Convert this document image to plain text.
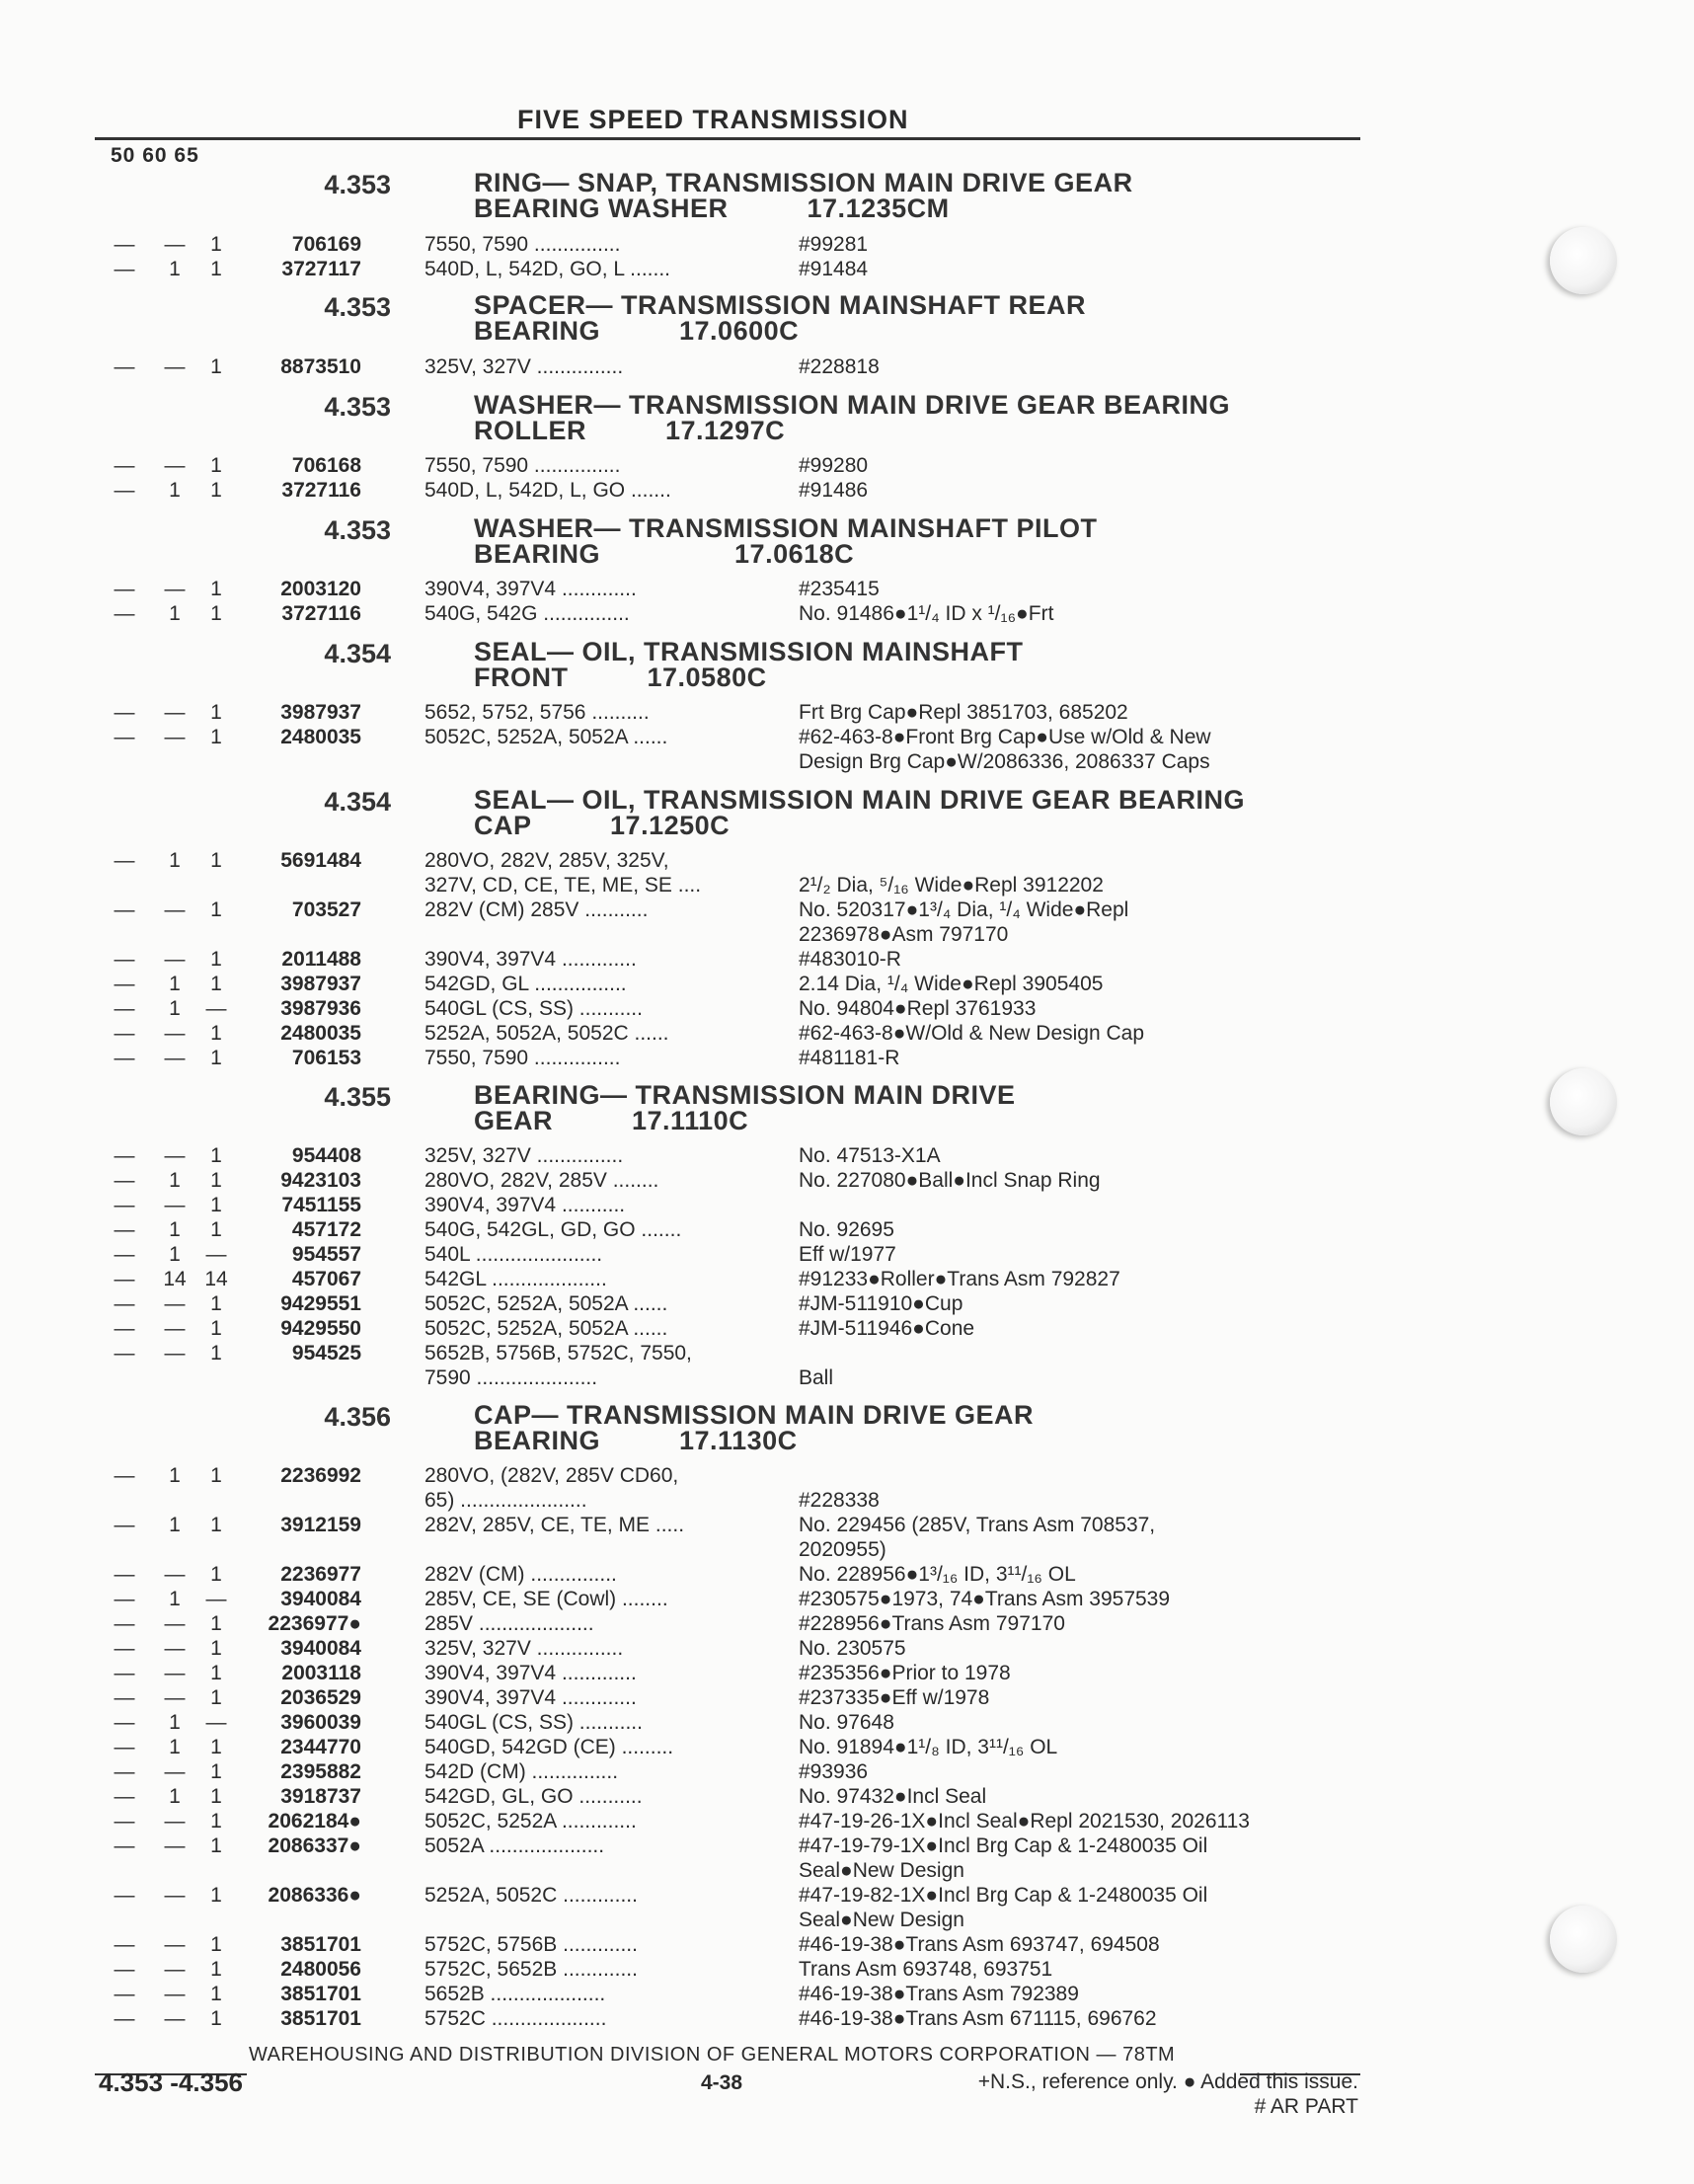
FIVE SPEED TRANSMISSION
50 60 65
4.353	RING— SNAP, TRANSMISSION MAIN DRIVE GEAR
BEARING WASHER          17.1235CM
—	—	1	706169	7550, 7590 ...............	#99281
—	1	1	3727117	540D, L, 542D, GO, L .......	#91484
4.353	SPACER— TRANSMISSION MAINSHAFT REAR
BEARING          17.0600C
—	—	1	8873510	325V, 327V ...............	#228818
4.353	WASHER— TRANSMISSION MAIN DRIVE GEAR BEARING
ROLLER          17.1297C
—	—	1	706168	7550, 7590 ...............	#99280
—	1	1	3727116	540D, L, 542D, L, GO .......	#91486
4.353	WASHER— TRANSMISSION MAINSHAFT PILOT
BEARING                 17.0618C
—	—	1	2003120	390V4, 397V4 .............	#235415
—	1	1	3727116	540G, 542G ...............	No. 91486●1¹/₄ ID x ¹/₁₆●Frt
4.354	SEAL— OIL, TRANSMISSION MAINSHAFT
FRONT          17.0580C
—	—	1	3987937	5652, 5752, 5756 ..........	Frt Brg Cap●Repl 3851703, 685202
—	—	1	2480035	5052C, 5252A, 5052A ......	#62-463-8●Front Brg Cap●Use w/Old & New
Design Brg Cap●W/2086336, 2086337 Caps
4.354	SEAL— OIL, TRANSMISSION MAIN DRIVE GEAR BEARING
CAP          17.1250C
—	1	1	5691484	280VO, 282V, 285V, 325V,
327V, CD, CE, TE, ME, SE ....	2¹/₂ Dia, ⁵/₁₆ Wide●Repl 3912202
—	—	1	703527	282V (CM) 285V ...........	No. 520317●1³/₄ Dia, ¹/₄ Wide●Repl
2236978●Asm 797170
—	—	1	2011488	390V4, 397V4 .............	#483010-R
—	1	1	3987937	542GD, GL ................	2.14 Dia, ¹/₄ Wide●Repl 3905405
—	1	—	3987936	540GL (CS, SS) ...........	No. 94804●Repl 3761933
—	—	1	2480035	5252A, 5052A, 5052C ......	#62-463-8●W/Old & New Design Cap
—	—	1	706153	7550, 7590 ...............	#481181-R
4.355	BEARING— TRANSMISSION MAIN DRIVE
GEAR          17.1110C
—	—	1	954408	325V, 327V ...............	No. 47513-X1A
—	1	1	9423103	280VO, 282V, 285V ........	No. 227080●Ball●Incl Snap Ring
—	—	1	7451155	390V4, 397V4 ...........
—	1	1	457172	540G, 542GL, GD, GO .......	No. 92695
—	1	—	954557	540L ......................	Eff w/1977
—	14 14	457067	542GL ....................	#91233●Roller●Trans Asm 792827
—	—	1	9429551	5052C, 5252A, 5052A ......	#JM-511910●Cup
—	—	1	9429550	5052C, 5252A, 5052A ......	#JM-511946●Cone
—	—	1	954525	5652B, 5756B, 5752C, 7550,
7590 .....................	Ball
4.356	CAP— TRANSMISSION MAIN DRIVE GEAR
BEARING          17.1130C
—	1	1	2236992	280VO, (282V, 285V CD60,
65) ......................	#228338
—	1	1	3912159	282V, 285V, CE, TE, ME .....	No. 229456 (285V, Trans Asm 708537,
2020955)
—	—	1	2236977	282V (CM) ...............	No. 228956●1³/₁₆ ID, 3¹¹/₁₆ OL
—	1	—	3940084	285V, CE, SE (Cowl) ........	#230575●1973, 74●Trans Asm 3957539
—	—	1	2236977●	285V ....................	#228956●Trans Asm 797170
—	—	1	3940084	325V, 327V ...............	No. 230575
—	—	1	2003118	390V4, 397V4 .............	#235356●Prior to 1978
—	—	1	2036529	390V4, 397V4 .............	#237335●Eff w/1978
—	1	—	3960039	540GL (CS, SS) ...........	No. 97648
—	1	1	2344770	540GD, 542GD (CE) .........	No. 91894●1¹/₈ ID, 3¹¹/₁₆ OL
—	—	1	2395882	542D (CM) ...............	#93936
—	1	1	3918737	542GD, GL, GO ...........	No. 97432●Incl Seal
—	—	1	2062184●	5052C, 5252A .............	#47-19-26-1X●Incl Seal●Repl 2021530, 2026113
—	—	1	2086337●	5052A ....................	#47-19-79-1X●Incl Brg Cap & 1-2480035 Oil
Seal●New Design
—	—	1	2086336●	5252A, 5052C .............	#47-19-82-1X●Incl Brg Cap & 1-2480035 Oil
Seal●New Design
—	—	1	3851701	5752C, 5756B .............	#46-19-38●Trans Asm 693747, 694508
—	—	1	2480056	5752C, 5652B .............	Trans Asm 693748, 693751
—	—	1	3851701	5652B ....................	#46-19-38●Trans Asm 792389
—	—	1	3851701	5752C ....................	#46-19-38●Trans Asm 671115, 696762
WAREHOUSING AND DISTRIBUTION DIVISION OF GENERAL MOTORS CORPORATION — 78TM
4.353 -4.356	4-38	+N.S., reference only. ● Added this issue.
# AR PART
